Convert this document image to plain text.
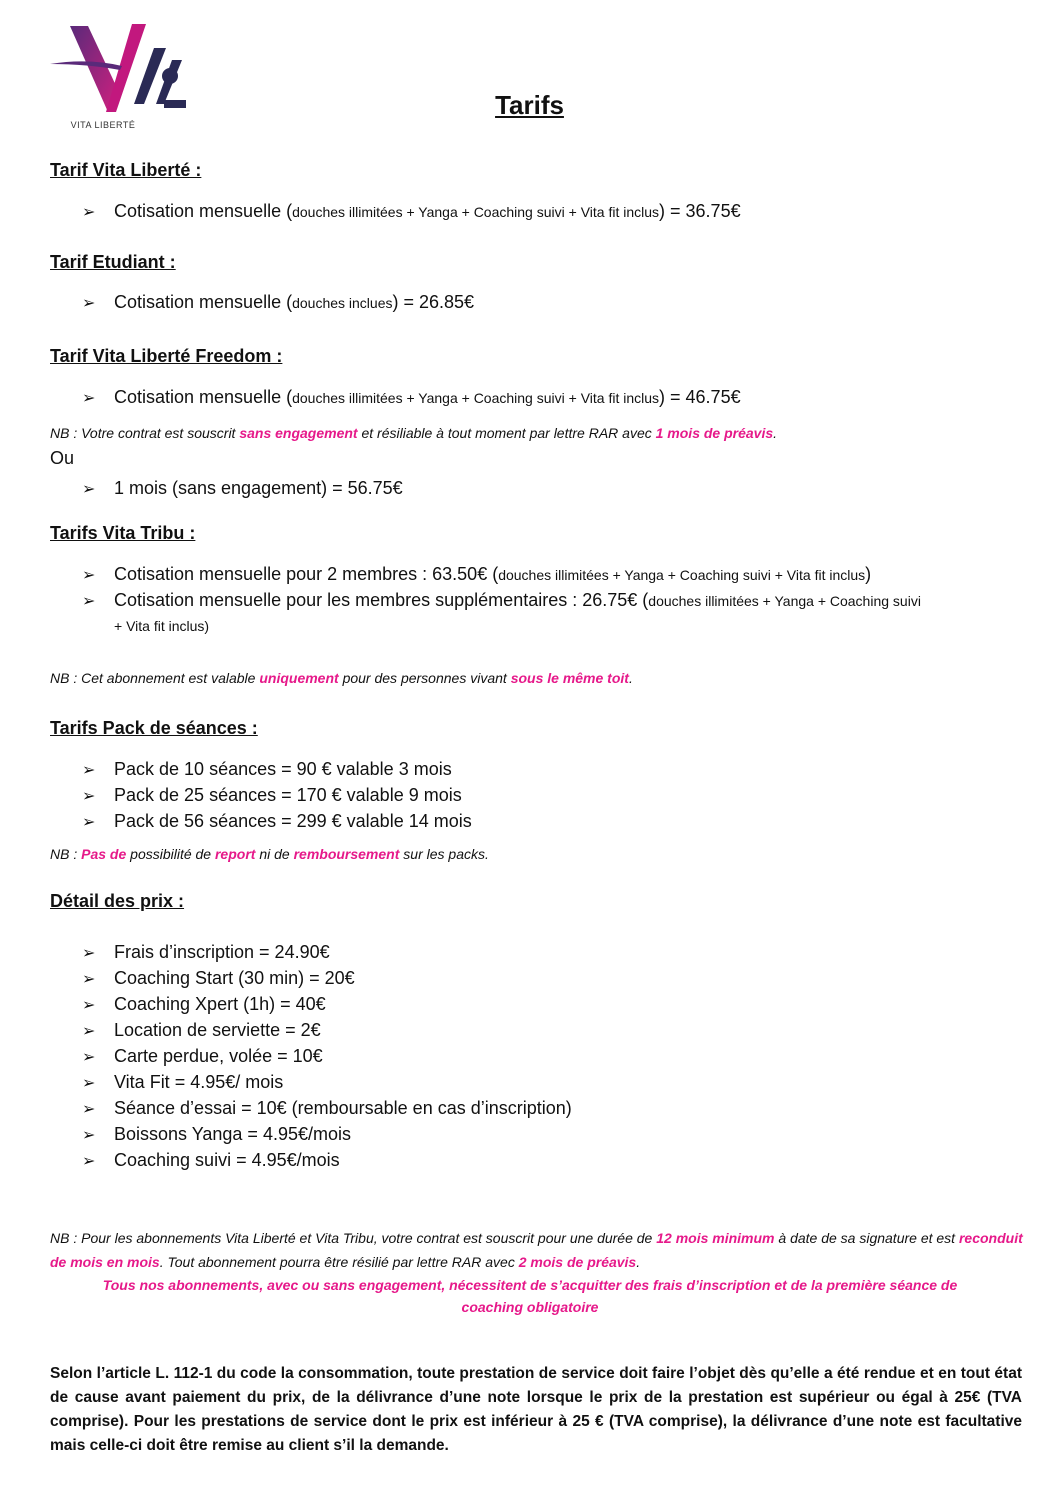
VITA LIBERTÉ
Tarifs
Tarif Vita Liberté :
➢ Cotisation mensuelle (douches illimitées + Yanga + Coaching suivi + Vita fit inclus) = 36.75€
Tarif Etudiant :
➢ Cotisation mensuelle (douches inclues) = 26.85€
Tarif Vita Liberté Freedom :
➢ Cotisation mensuelle (douches illimitées + Yanga + Coaching suivi + Vita fit inclus) = 46.75€
NB : Votre contrat est souscrit sans engagement et résiliable à tout moment par lettre RAR avec 1 mois de préavis.
Ou
➢ 1 mois (sans engagement) = 56.75€
Tarifs Vita Tribu :
➢ Cotisation mensuelle pour 2 membres : 63.50€ (douches illimitées + Yanga + Coaching suivi + Vita fit inclus)
➢ Cotisation mensuelle pour les membres supplémentaires : 26.75€ (douches illimitées + Yanga + Coaching suivi
+ Vita fit inclus)
NB : Cet abonnement est valable uniquement pour des personnes vivant sous le même toit.
Tarifs Pack de séances :
➢ Pack de 10 séances = 90 € valable 3 mois
➢ Pack de 25 séances = 170 € valable 9 mois
➢ Pack de 56 séances = 299 € valable 14 mois
NB : Pas de possibilité de report ni de remboursement sur les packs.
Détail des prix :
➢ Frais d’inscription = 24.90€
➢ Coaching Start (30 min) = 20€
➢ Coaching Xpert (1h) = 40€
➢ Location de serviette = 2€
➢ Carte perdue, volée = 10€
➢ Vita Fit = 4.95€/ mois
➢ Séance d’essai = 10€ (remboursable en cas d’inscription)
➢ Boissons Yanga = 4.95€/mois
➢ Coaching suivi = 4.95€/mois
NB : Pour les abonnements Vita Liberté et Vita Tribu, votre contrat est souscrit pour une durée de 12 mois minimum à date de sa signature et est reconduit de mois en mois. Tout abonnement pourra être résilié par lettre RAR avec 2 mois de préavis.
Tous nos abonnements, avec ou sans engagement, nécessitent de s’acquitter des frais d’inscription et de la première séance de
coaching obligatoire
Selon l’article L. 112-1 du code la consommation, toute prestation de service doit faire l’objet dès qu’elle a été rendue et en tout état de cause avant paiement du prix, de la délivrance d’une note lorsque le prix de la prestation est supérieur ou égal à 25€ (TVA comprise). Pour les prestations de service dont le prix est inférieur à 25 € (TVA comprise), la délivrance d’une note est facultative mais celle-ci doit être remise au client s’il la demande.
